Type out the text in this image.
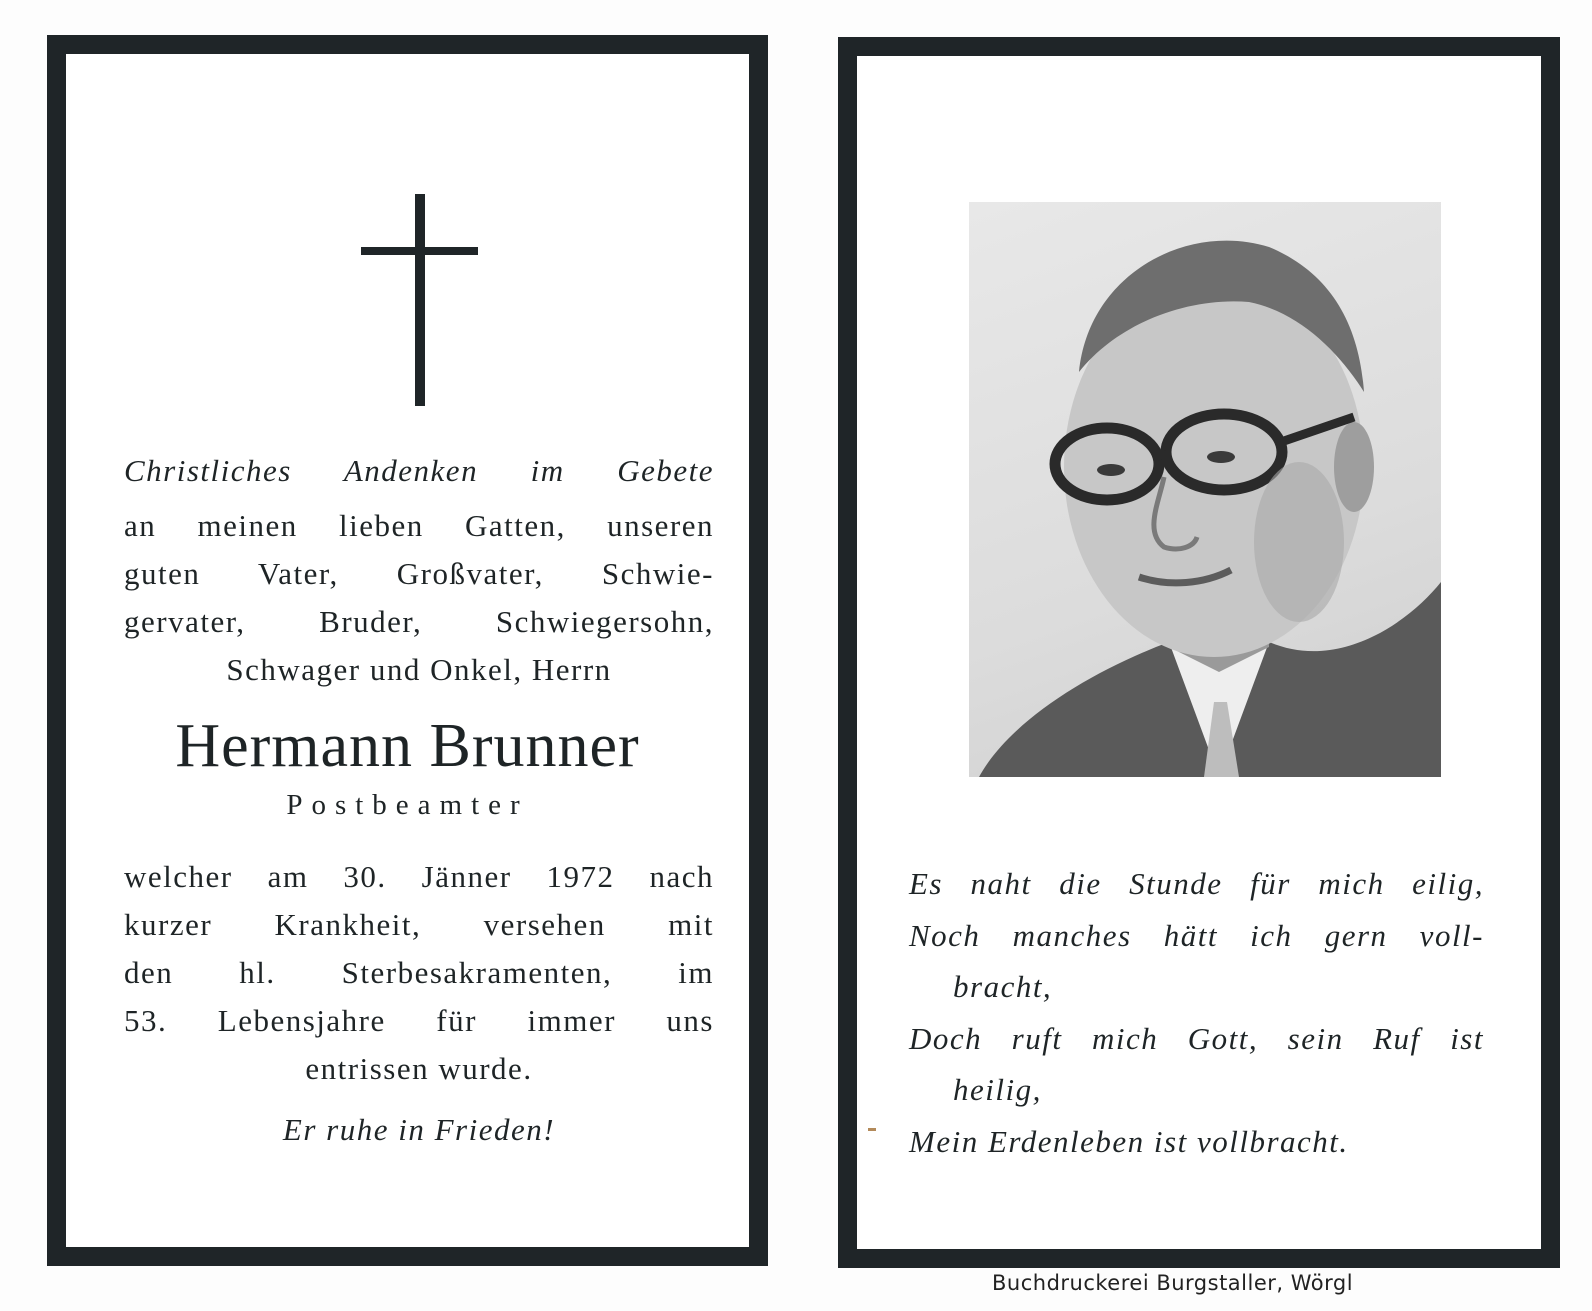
Christliches Andenken im Gebete
an meinen lieben Gatten, unseren
guten Vater, Großvater, Schwie-
gervater, Bruder, Schwiegersohn,
Schwager und Onkel, Herrn
Hermann Brunner
Postbeamter
welcher am 30. Jänner 1972 nach
kurzer Krankheit, versehen mit
den hl. Sterbesakramenten, im
53. Lebensjahre für immer uns
entrissen wurde.
Er ruhe in Frieden!
Es naht die Stunde für mich eilig,
Noch manches hätt ich gern voll-
bracht,
Doch ruft mich Gott, sein Ruf ist
heilig,
Mein Erdenleben ist vollbracht.
Buchdruckerei Burgstaller, Wörgl
